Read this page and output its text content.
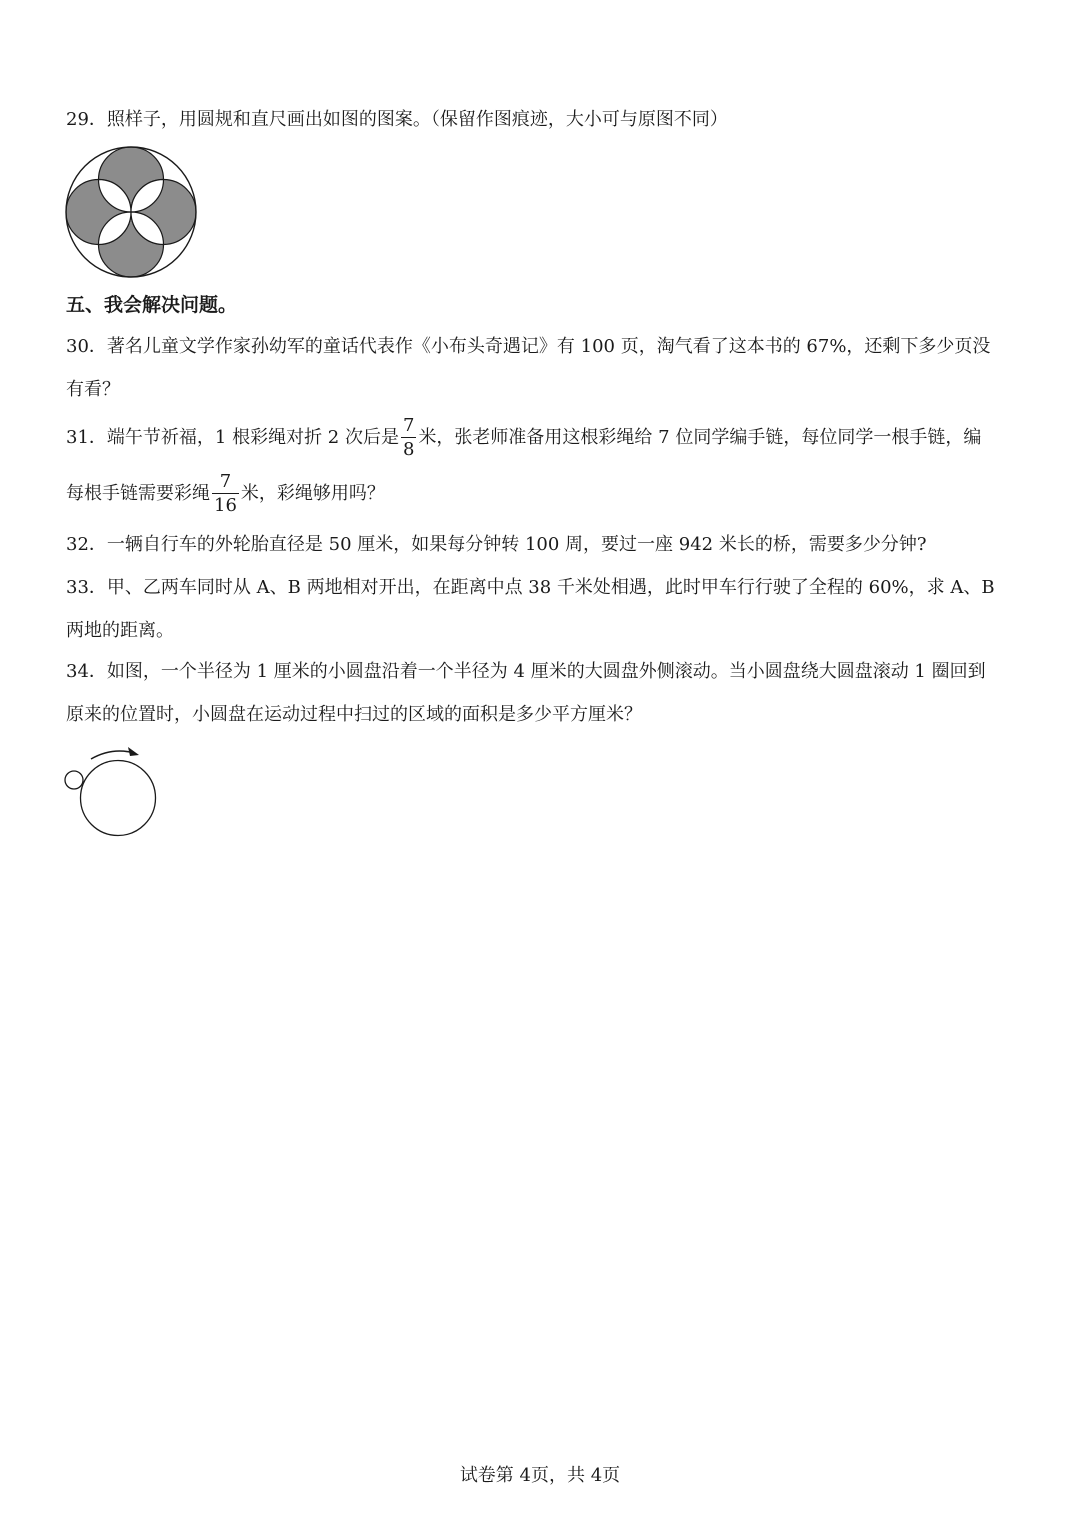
29．照样子，用圆规和直尺画出如图的图案。（保留作图痕迹，大小可与原图不同）
五、我会解决问题。
30．著名儿童文学作家孙幼军的童话代表作《小布头奇遇记》有 100 页，淘气看了这本书的 67%，还剩下多少页没
有看？
31．端午节祈福，1 根彩绳对折 2 次后是 $\frac{7}{8}$ 米，张老师准备用这根彩绳给 7 位同学编手链，每位同学一根手链，编
每根手链需要彩绳 $\frac{7}{16}$ 米，彩绳够用吗？
32．一辆自行车的外轮胎直径是 50 厘米，如果每分钟转 100 周，要过一座 942 米长的桥，需要多少分钟?
33．甲、乙两车同时从 A、B 两地相对开出，在距离中点 38 千米处相遇，此时甲车行行驶了全程的 60%，求 A、B
两地的距离。
34．如图，一个半径为 1 厘米的小圆盘沿着一个半径为 4 厘米的大圆盘外侧滚动。当小圆盘绕大圆盘滚动 1 圈回到
原来的位置时，小圆盘在运动过程中扫过的区域的面积是多少平方厘米？
试卷第 4页，共 4页
